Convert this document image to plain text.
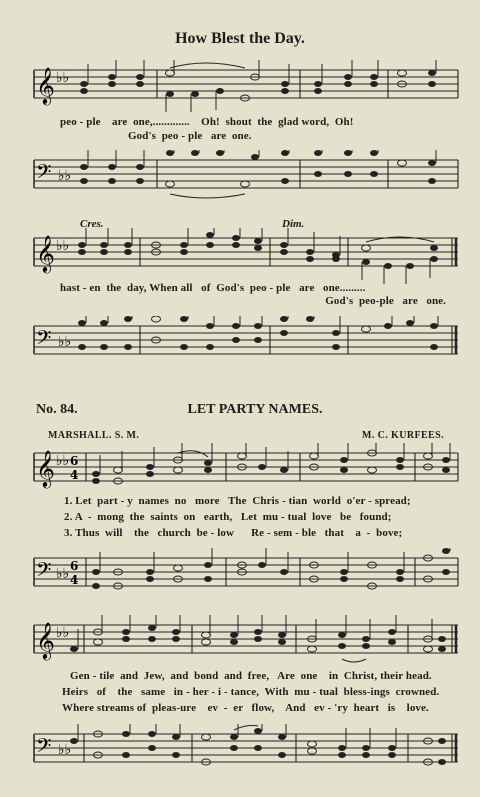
How Blest the Day.
𝄞 ♭♭
peo - ple    are  one,.............    Oh!  shout  the  glad word,  Oh!
God's  peo - ple   are  one.
𝄢 ♭♭
Cres.	Dim.
𝄞 ♭♭
hast - en  the  day, When all   of  God's  peo - ple   are   one.........
God's  peo-ple   are   one.
𝄢 ♭♭
No. 84.	LET PARTY NAMES.
MARSHALL. S. M.	M. C. KURFEES.
𝄞 ♭♭ 6
4
1. Let  part - y  names  no   more   The  Chris - tian  world  o'er - spread;
2. A  -  mong  the  saints  on   earth,   Let  mu - tual  love   be   found;
3. Thus  will    the   church  be - low      Re - sem - ble   that    a  -  bove;
𝄢 ♭♭ 6
4
𝄞 ♭♭
Gen - tile  and  Jew,  and  bond  and  free,   Are  one    in  Christ, their head.
Heirs   of    the   same   in - her - i - tance,  With  mu - tual  bless-ings  crowned.
Where streams of  pleas-ure    ev  -  er   flow,    And   ev - 'ry  heart   is    love.
𝄢 ♭♭
